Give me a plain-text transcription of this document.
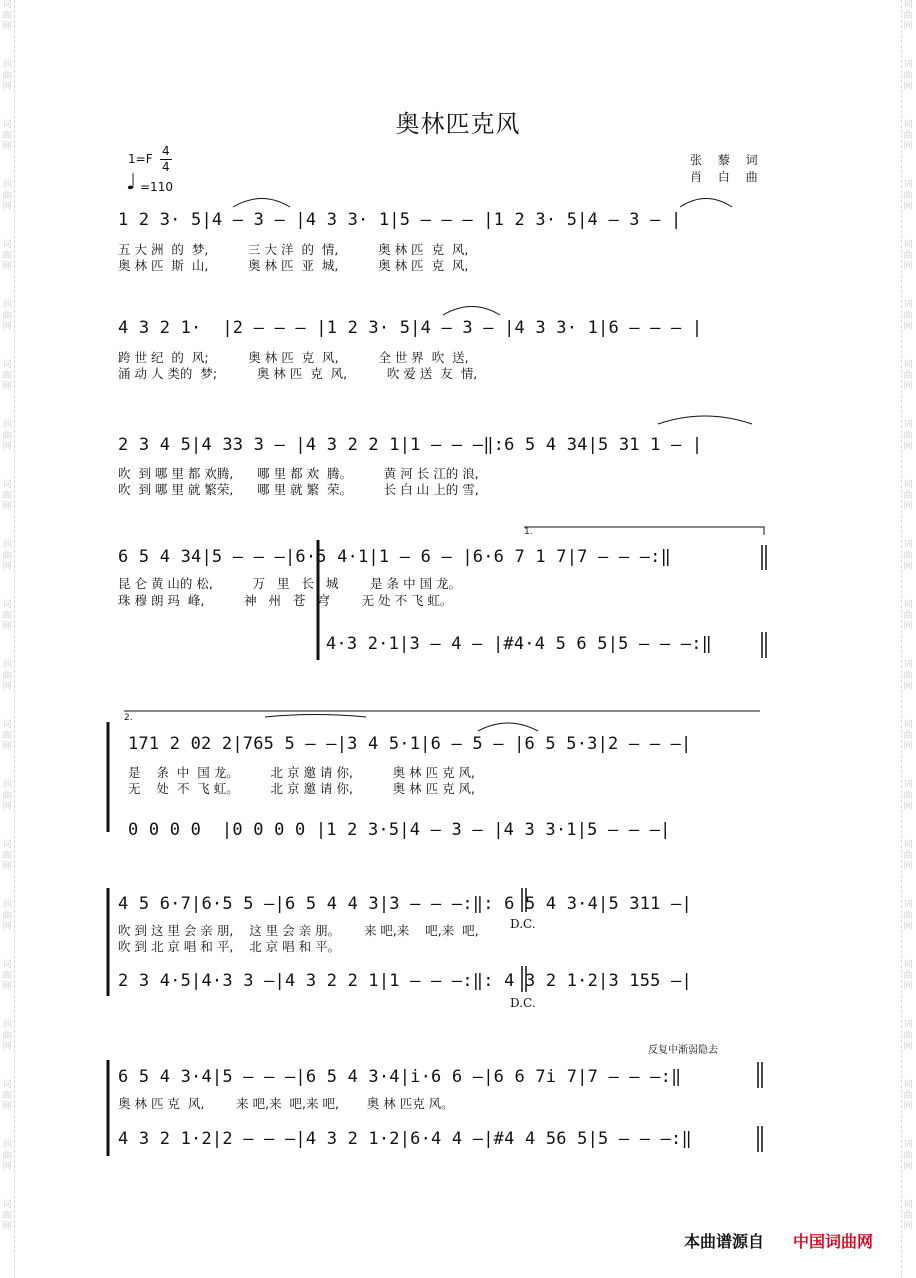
词
曲
网
词
曲
网
词
曲
网
词
曲
网
词
曲
网
词
曲
网
词
曲
网
词
曲
网
词
曲
网
词
曲
网
词
曲
网
词
曲
网
词
曲
网
词
曲
网
词
曲
网
词
曲
网
词
曲
网
词
曲
网
词
曲
网
词
曲
网
词
曲
网
词
曲
网
词
曲
网
词
曲
网
词
曲
网
词
曲
网
词
曲
网
词
曲
网
词
曲
网
词
曲
网
词
曲
网
词
曲
网
词
曲
网
词
曲
网
词
曲
网
词
曲
网
词
曲
网
词
曲
网
词
曲
网
词
曲
网
词
曲
网
词
曲
网
奥林匹克风
1=F
4
4
♩ =110
张 藜 词
肖 白 曲
1 2 3· 5|4 — 3 — |4 3 3· 1|5 — — — |1 2 3· 5|4 — 3 — |
五 大 洲  的  梦,          三 大 洋  的  情,          奥 林 匹  克  风,
奥 林 匹  斯  山,          奥 林 匹  亚  城,          奥 林 匹  克  风,
4 3 2 1·  |2 — — — |1 2 3· 5|4 — 3 — |4 3 3· 1|6 — — — |
跨 世 纪  的  风;          奥 林 匹  克  风,          全 世 界  吹  送,
涌 动 人 类的  梦;          奥 林 匹  克  风,          吹 爱 送  友  情,
2 3 4 5|4 33 3 — |4 3 2 2 1|1 — — —‖:6 5 4 34|5 31 1 — |
吹  到 哪 里 都 欢腾,      哪 里 都 欢  腾。        黄 河 长 江的 浪,
吹  到 哪 里 就 繁荣,      哪 里 就 繁  荣。        长 白 山 上的 雪,
6 5 4 34|5 — — —|6·5 4·1|1 — 6 — |6·6 7 1 7|7 — — —:‖
昆 仑 黄 山的 松,          万   里   长   城        是 条 中 国 龙。
珠 穆 朗 玛  峰,          神   州   苍   穹        无 处 不 飞 虹。
4·3 2·1|3 — 4 — |#4·4 5 6 5|5 — — —:‖
1.
171 2 02 2|765 5 — —|3 4 5·1|6 — 5 — |6 5 5·3|2 — — —|
是    条  中  国 龙。        北 京 邀 请 你,          奥 林 匹 克 风,
无    处  不  飞 虹。        北 京 邀 请 你,          奥 林 匹 克 风,
0 0 0 0  |0 0 0 0 |1 2 3·5|4 — 3 — |4 3 3·1|5 — — —|
2.
4 5 6·7|6·5 5 —|6 5 4 4 3|3 — — —:‖: 6 5 4 3·4|5 311 —|
吹 到 这 里 会 亲 朋,    这 里 会 亲 朋。      来 吧,来    吧,来  吧,
吹 到 北 京 唱 和 平,    北 京 唱 和 平。
2 3 4·5|4·3 3 —|4 3 2 2 1|1 — — —:‖: 4 3 2 1·2|3 155 —|
D.C.
D.C.
反复中渐弱隐去
6 5 4 3·4|5 — — —|6 5 4 3·4|i·6 6 —|6 6 7i 7|7 — — —:‖
奥 林 匹 克  风,        来 吧,来  吧,来 吧,       奥 林 匹克 风。
4 3 2 1·2|2 — — —|4 3 2 1·2|6·4 4 —|#4 4 56 5|5 — — —:‖
本曲谱源自 中国词曲网
